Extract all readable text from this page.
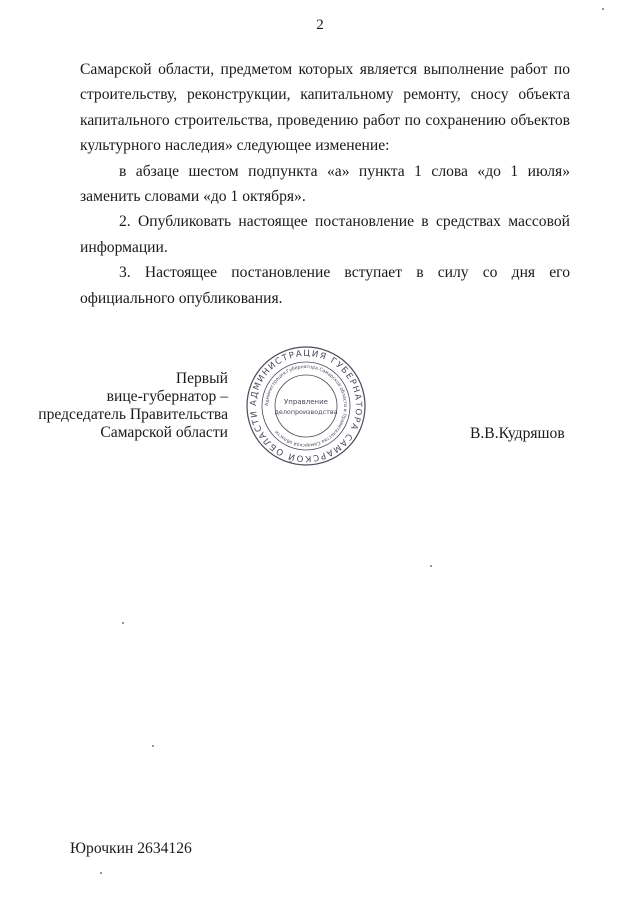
2

Самарской области, предметом которых является выполнение работ по строительству, реконструкции, капитальному ремонту, сносу объекта капитального строительства, проведению работ по сохранению объектов культурного наследия» следующее изменение:

в абзаце шестом подпункта «а» пункта 1 слова «до 1 июля» заменить словами «до 1 октября».

2. Опубликовать настоящее постановление в средствах массовой информации.

3. Настоящее постановление вступает в силу со дня его официального опубликования.

Первый
вице-губернатор –
председатель Правительства
Самарской области	В.В.Кудряшов
АДМИНИСТРАЦИЯ ГУБЕРНАТОРА САМАРСКОЙ ОБЛАСТИ
Администрация Губернатора Самарской области и Правительства Самарской области
Управление
делопроизводства
Юрочкин 2634126
